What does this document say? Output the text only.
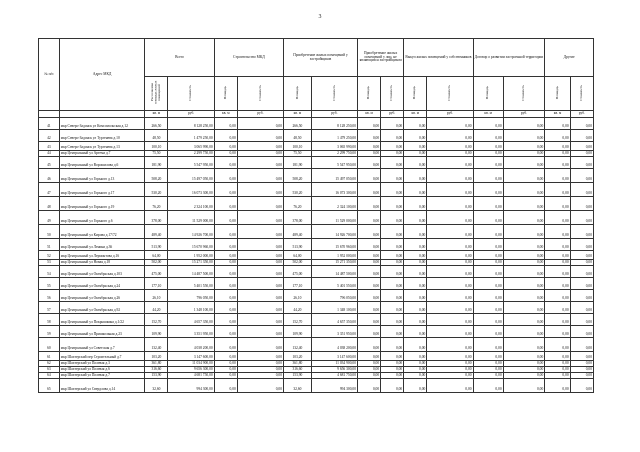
3
№ п/п	Адрес МКД	Всего		Строительство МКД		Приобретение жилых помещений у застройщиков		Приобретение жилых помещений у лиц, не являющихся застройщиком		Выкуп жилых помещений у собственников		Договор о развитии застроенной территории		Другие	
		Расселяемая площадь жилых помещений	Стоимость	Площадь	Стоимость	Площадь	Стоимость	Площадь	Стоимость	Площадь	Стоимость	Площадь	Стоимость	Площадь	Стоимость
		кв. м	руб.	кв. м	руб.	кв. м	руб.	кв. м	руб.	кв. м	руб.	кв. м	руб.	кв. м	руб.
41	мкр Северо-Задонск ул Комсомольская д.12	266,50	8 128 250,00	0,00	0,00	266,50	8 128 250,00	0,00	0,00	0,00	0,00	0,00	0,00	0,00	0,00
42	мкр Северо-Задонск ул Тургенева д.10	48,50	1 479 250,00	0,00	0,00	48,50	1 479 250,00	0,00	0,00	0,00	0,00	0,00	0,00	0,00	0,00
43	мкр Северо-Задонск ул Тургенева д.13	100,10	3 065 990,00	0,00	0,00	100,10	3 065 990,00	0,00	0,00	0,00	0,00	0,00	0,00	0,00	0,00
44	мкр Центральный ул Артема д.7	75,50	2 299 750,00	0,00	0,00	75,50	2 299 750,00	0,00	0,00	0,00	0,00	0,00	0,00	0,00	0,00
45	мкр Центральный ул Ворошилова д.6	181,90	5 547 950,00	0,00	0,00	181,90	5 547 950,00	0,00	0,00	0,00	0,00	0,00	0,00	0,00	0,00
46	мкр Центральный ул Горького д.13	508,20	15 497 050,00	0,00	0,00	508,20	15 497 050,00	0,00	0,00	0,00	0,00	0,00	0,00	0,00	0,00
47	мкр Центральный ул Горького д.17	530,20	16 073 300,00	0,00	0,00	530,20	16 073 300,00	0,00	0,00	0,00	0,00	0,00	0,00	0,00	0,00
48	мкр Центральный ул Горького д.19	76,20	2 324 100,00	0,00	0,00	76,20	2 324 100,00	0,00	0,00	0,00	0,00	0,00	0,00	0,00	0,00
49	мкр Центральный ул Горького д.6	378,00	11 529 000,00	0,00	0,00	378,00	11 529 000,00	0,00	0,00	0,00	0,00	0,00	0,00	0,00	0,00
50	мкр Центральный ул Кирова д.17/72	489,40	14 926 700,00	0,00	0,00	489,40	14 926 700,00	0,00	0,00	0,00	0,00	0,00	0,00	0,00	0,00
51	мкр Центральный ул Ленина д.36	513,90	15 670 960,00	0,00	0,00	513,90	15 670 960,00	0,00	0,00	0,00	0,00	0,00	0,00	0,00	0,00
52	мкр Центральный ул Лермонтова д.16	64,00	1 952 000,00	0,00	0,00	64,00	1 952 000,00	0,00	0,00	0,00	0,00	0,00	0,00	0,00	0,00
53	мкр Центральный ул Новая д.18	502,00	15 271 350,00	0,00	0,00	502,00	15 271 350,00	0,00	0,00	0,00	0,00	0,00	0,00	0,00	0,00
54	мкр Центральный ул Октябрьская д.103	475,00	14 487 500,00	0,00	0,00	475,00	14 487 500,00	0,00	0,00	0,00	0,00	0,00	0,00	0,00	0,00
55	мкр Центральный ул Октябрьская д.24	177,10	5 401 550,00	0,00	0,00	177,10	5 401 550,00	0,00	0,00	0,00	0,00	0,00	0,00	0,00	0,00
56	мкр Центральный ул Октябрьская д.26	26,10	796 050,00	0,00	0,00	26,10	796 050,00	0,00	0,00	0,00	0,00	0,00	0,00	0,00	0,00
57	мкр Центральный ул Октябрьская д.92	44,20	1 348 100,00	0,00	0,00	44,20	1 348 100,00	0,00	0,00	0,00	0,00	0,00	0,00	0,00	0,00
58	мкр Центральный ул Покрышкина д.1/22	152,70	4 657 350,00	0,00	0,00	152,70	4 657 350,00	0,00	0,00	0,00	0,00	0,00	0,00	0,00	0,00
59	мкр Центральный ул Пришкольная д.23	109,90	3 351 950,00	0,00	0,00	109,90	3 351 950,00	0,00	0,00	0,00	0,00	0,00	0,00	0,00	0,00
60	мкр Центральный ул Советская д.7	132,40	4 038 200,00	0,00	0,00	132,40	4 038 200,00	0,00	0,00	0,00	0,00	0,00	0,00	0,00	0,00
61	мкр Шахтерский пер Строительный д.7	103,20	3 147 600,00	0,00	0,00	103,20	3 147 600,00	0,00	0,00	0,00	0,00	0,00	0,00	0,00	0,00
62	мкр Шахтерский ул Полевая д.3	361,80	11 034 900,00	0,00	0,00	361,80	11 034 900,00	0,00	0,00	0,00	0,00	0,00	0,00	0,00	0,00
63	мкр Шахтерский ул Полевая д.6	316,60	9 656 300,00	0,00	0,00	316,60	9 656 300,00	0,00	0,00	0,00	0,00	0,00	0,00	0,00	0,00
64	мкр Шахтерский ул Полевая д.7	153,90	4 681 750,00	0,00	0,00	153,90	4 681 750,00	0,00	0,00	0,00	0,00	0,00	0,00	0,00	0,00
65	мкр Шахтерский ул Свердлова д.14	32,60	994 300,00	0,00	0,00	32,60	994 300,00	0,00	0,00	0,00	0,00	0,00	0,00	0,00	0,00
